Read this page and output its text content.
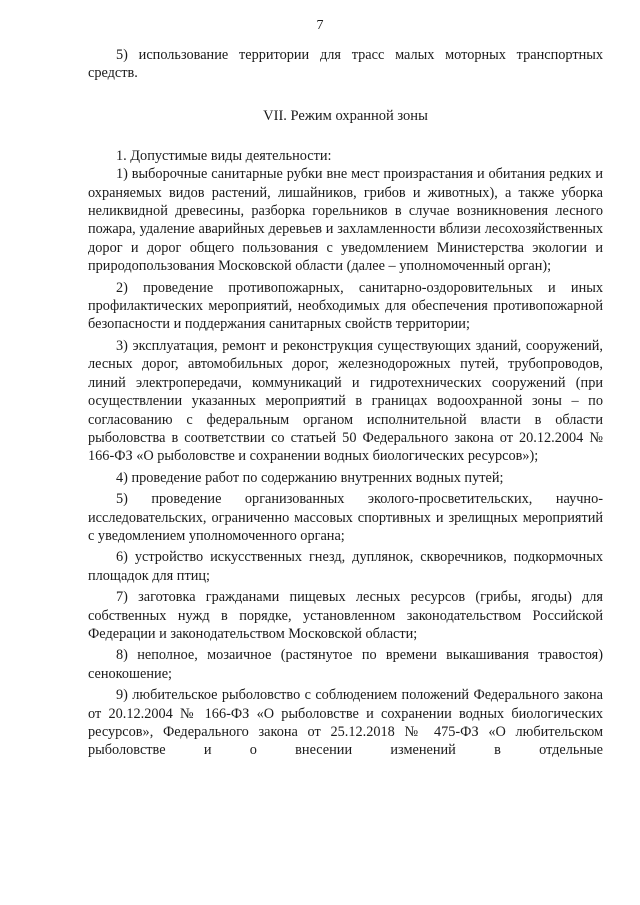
7

5) использование территории для трасс малых моторных транспортных средств.

VII. Режим охранной зоны

1. Допустимые виды деятельности:

1) выборочные санитарные рубки вне мест произрастания и обитания редких и охраняемых видов растений, лишайников, грибов и животных), а также уборка неликвидной древесины, разборка горельников в случае возникновения лесного пожара, удаление аварийных деревьев и захламленности вблизи лесохозяйственных дорог и дорог общего пользования с уведомлением Министерства экологии и природопользования Московской области (далее – уполномоченный орган);

2) проведение противопожарных, санитарно-оздоровительных и иных профилактических мероприятий, необходимых для обеспечения противопожарной безопасности и поддержания санитарных свойств территории;

3) эксплуатация, ремонт и реконструкция существующих зданий, сооружений, лесных дорог, автомобильных дорог, железнодорожных путей, трубопроводов, линий электропередачи, коммуникаций и гидротехнических сооружений (при осуществлении указанных мероприятий в границах водоохранной зоны – по согласованию с федеральным органом исполнительной власти в области рыболовства в соответствии со статьей 50 Федерального закона от 20.12.2004 № 166-ФЗ «О рыболовстве и сохранении водных биологических ресурсов»);

4) проведение работ по содержанию внутренних водных путей;

5) проведение организованных эколого-просветительских, научно-исследовательских, ограниченно массовых спортивных и зрелищных мероприятий с уведомлением уполномоченного органа;

6) устройство искусственных гнезд, дуплянок, скворечников, подкормочных площадок для птиц;

7) заготовка гражданами пищевых лесных ресурсов (грибы, ягоды) для собственных нужд в порядке, установленном законодательством Российской Федерации и законодательством Московской области;

8) неполное, мозаичное (растянутое по времени выкашивания травостоя) сенокошение;

9) любительское рыболовство с соблюдением положений Федерального закона от 20.12.2004 № 166-ФЗ «О рыболовстве и сохранении водных биологических ресурсов», Федерального закона от 25.12.2018 № 475-ФЗ «О любительском рыболовстве и о внесении изменений в отдельные
